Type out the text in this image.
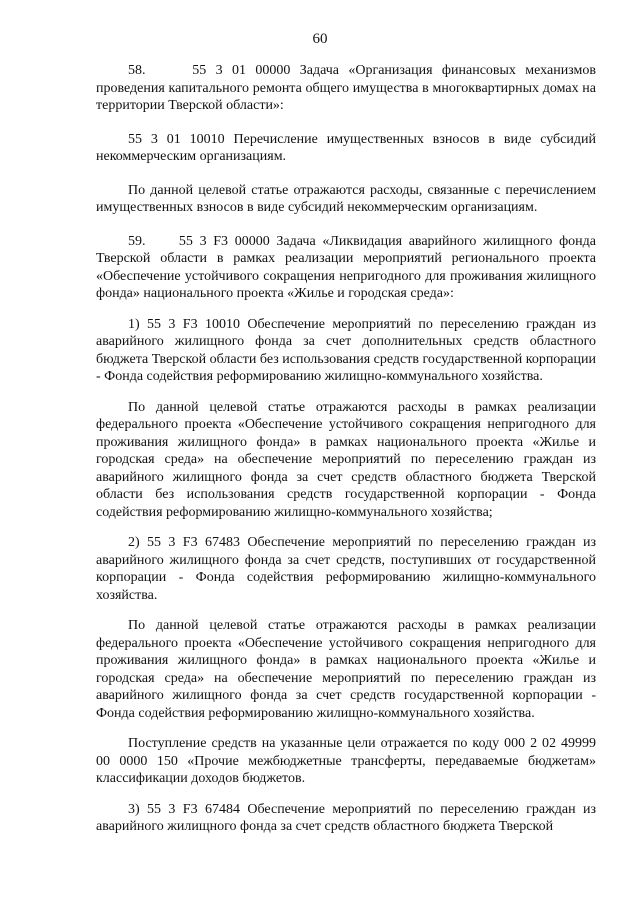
60

58.     55 3 01 00000 Задача «Организация финансовых механизмов проведения капитального ремонта общего имущества в многоквартирных домах на территории Тверской области»:

55 3 01 10010 Перечисление имущественных взносов в виде субсидий некоммерческим организациям.

По данной целевой статье отражаются расходы, связанные с перечислением имущественных взносов в виде субсидий некоммерческим организациям.

59.     55 3 F3 00000 Задача «Ликвидация аварийного жилищного фонда Тверской области в рамках реализации мероприятий регионального проекта «Обеспечение устойчивого сокращения непригодного для проживания жилищного фонда» национального проекта «Жилье и городская среда»:

1) 55 3 F3 10010 Обеспечение мероприятий по переселению граждан из аварийного жилищного фонда за счет дополнительных средств областного бюджета Тверской области без использования средств государственной корпорации - Фонда содействия реформированию жилищно-коммунального хозяйства.

По данной целевой статье отражаются расходы в рамках реализации федерального проекта «Обеспечение устойчивого сокращения непригодного для проживания жилищного фонда» в рамках национального проекта «Жилье и городская среда» на обеспечение мероприятий по переселению граждан из аварийного жилищного фонда за счет средств областного бюджета Тверской области без использования средств государственной корпорации - Фонда содействия реформированию жилищно-коммунального хозяйства;

2) 55 3 F3 67483 Обеспечение мероприятий по переселению граждан из аварийного жилищного фонда за счет средств, поступивших от государственной корпорации - Фонда содействия реформированию жилищно-коммунального хозяйства.

По данной целевой статье отражаются расходы в рамках реализации федерального проекта «Обеспечение устойчивого сокращения непригодного для проживания жилищного фонда» в рамках национального проекта «Жилье и городская среда» на обеспечение мероприятий по переселению граждан из аварийного жилищного фонда за счет средств государственной корпорации - Фонда содействия реформированию жилищно-коммунального хозяйства.

Поступление средств на указанные цели отражается по коду 000 2 02 49999 00 0000 150 «Прочие межбюджетные трансферты, передаваемые бюджетам» классификации доходов бюджетов.

3) 55 3 F3 67484 Обеспечение мероприятий по переселению граждан из аварийного жилищного фонда за счет средств областного бюджета Тверской
